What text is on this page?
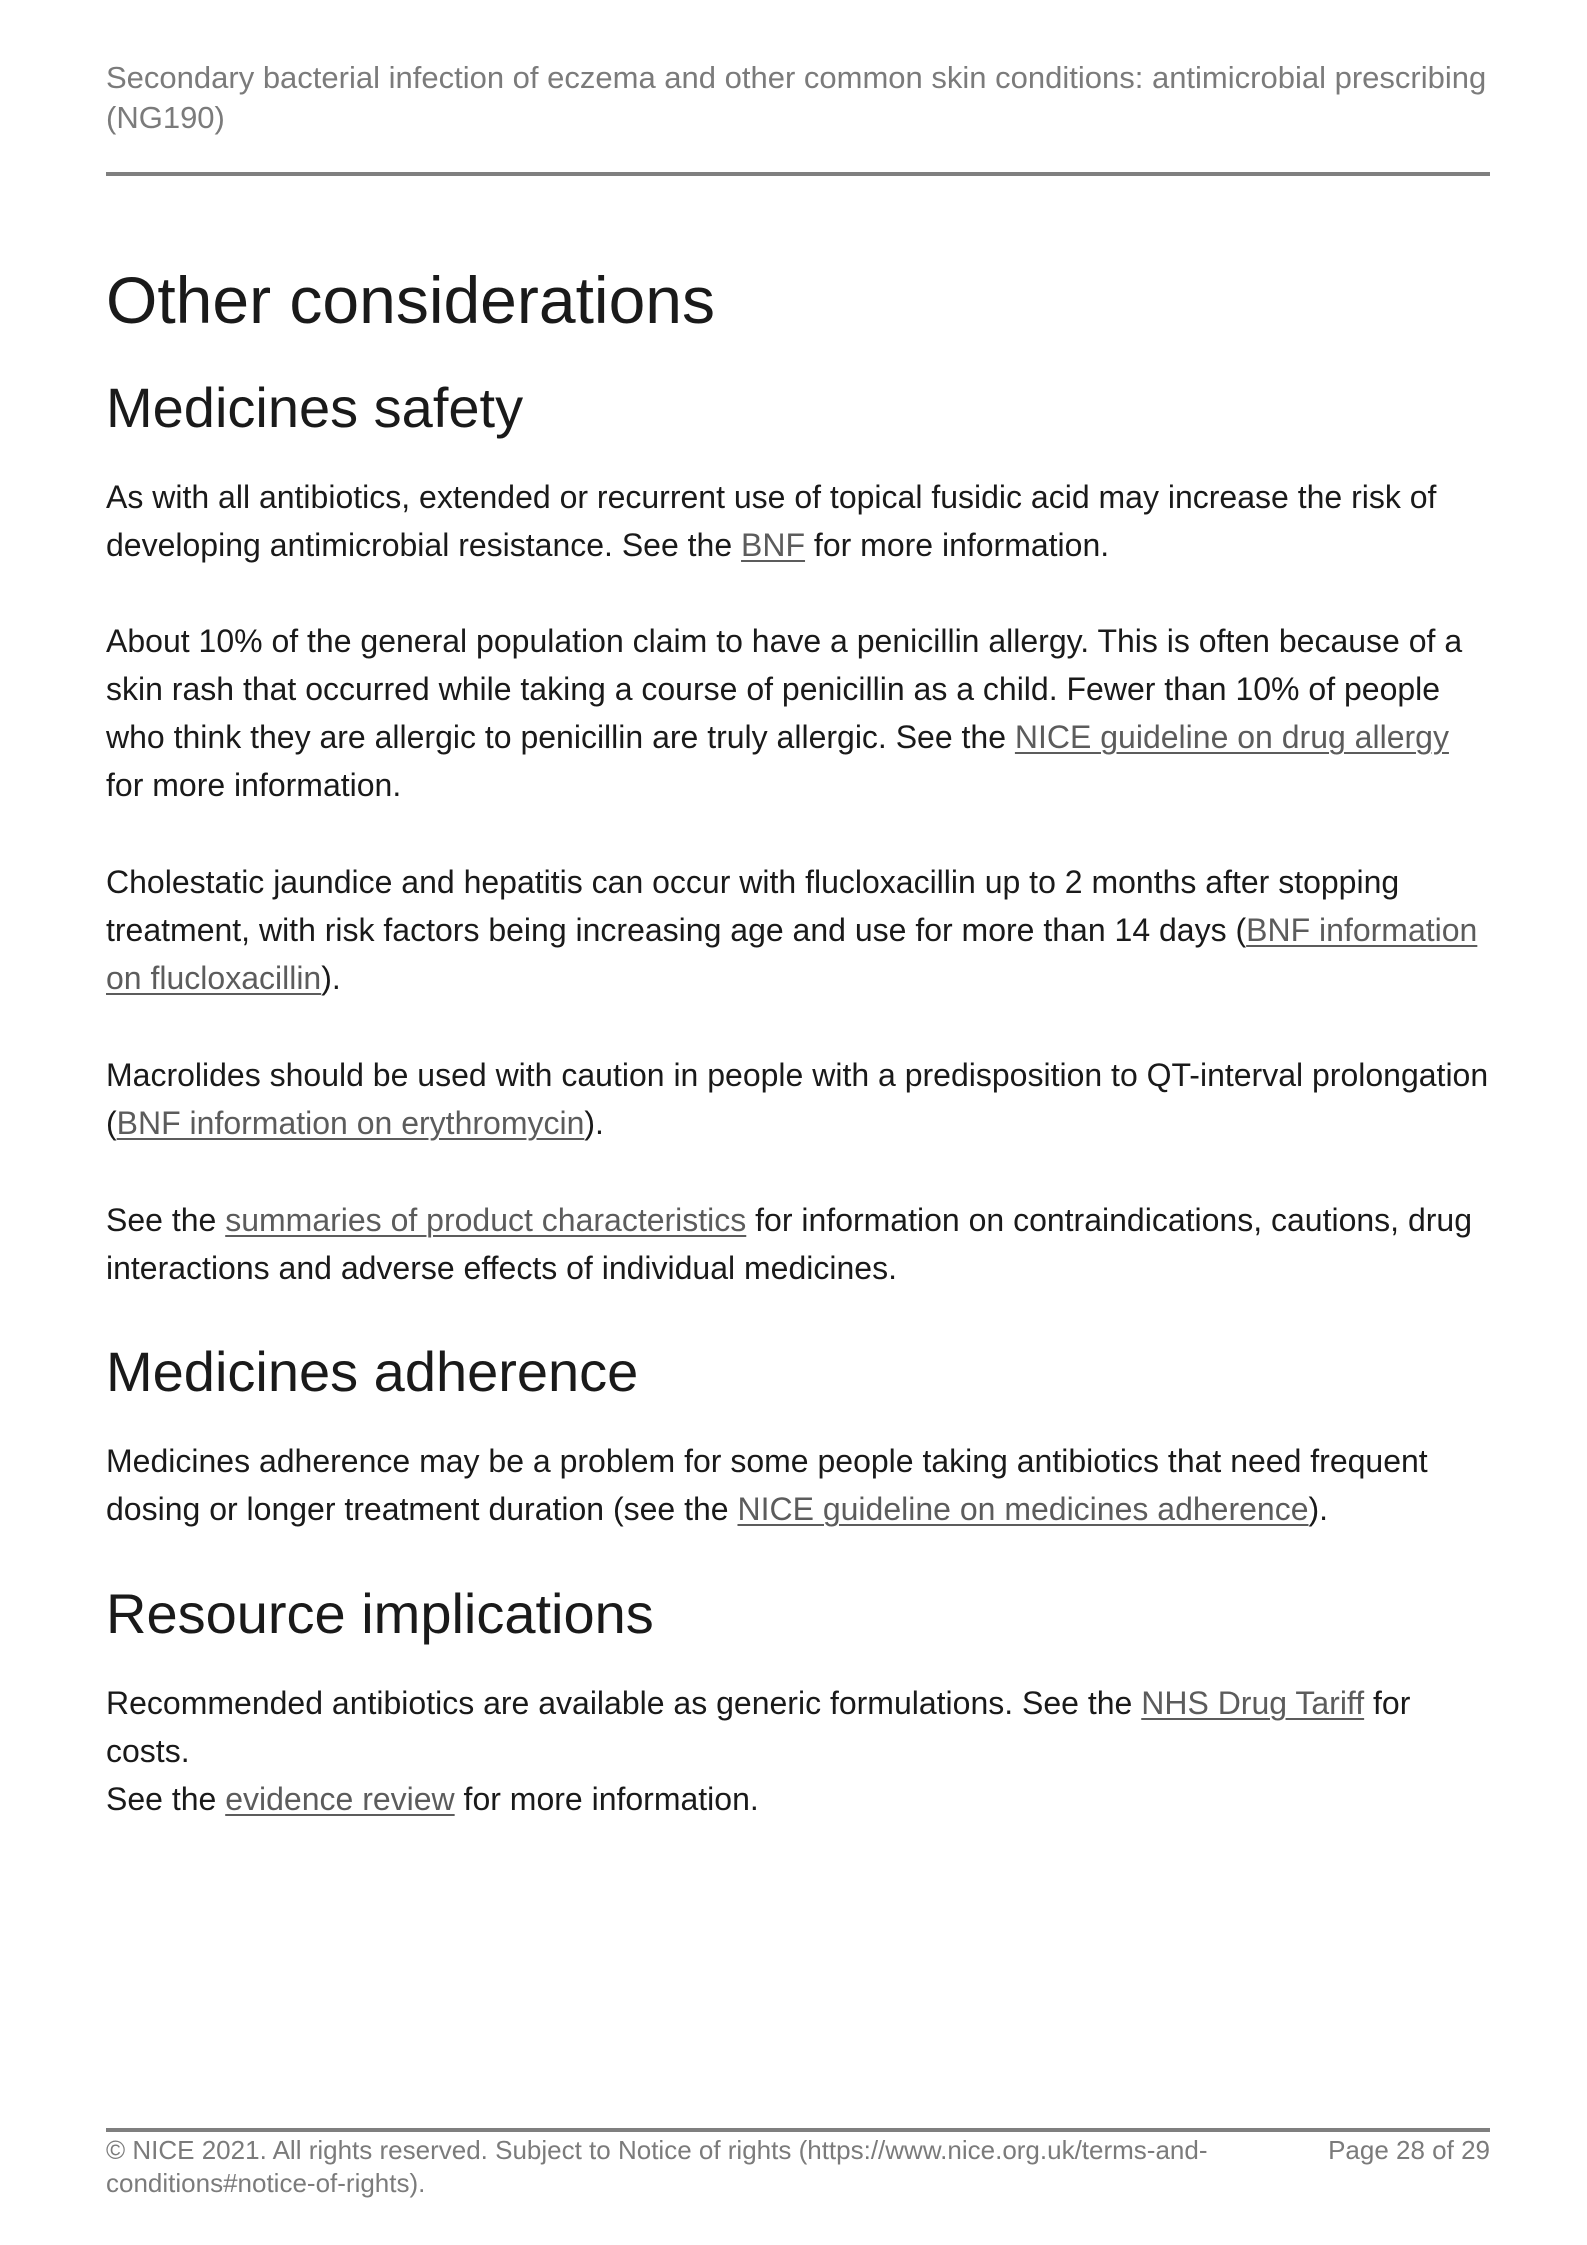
Secondary bacterial infection of eczema and other common skin conditions: antimicrobial prescribing (NG190)
Other considerations
Medicines safety

As with all antibiotics, extended or recurrent use of topical fusidic acid may increase the risk of developing antimicrobial resistance. See the BNF for more information.

About 10% of the general population claim to have a penicillin allergy. This is often because of a skin rash that occurred while taking a course of penicillin as a child. Fewer than 10% of people who think they are allergic to penicillin are truly allergic. See the NICE guideline on drug allergy for more information.

Cholestatic jaundice and hepatitis can occur with flucloxacillin up to 2 months after stopping treatment, with risk factors being increasing age and use for more than 14 days (BNF information on flucloxacillin).

Macrolides should be used with caution in people with a predisposition to QT-interval prolongation (BNF information on erythromycin).

See the summaries of product characteristics for information on contraindications, cautions, drug interactions and adverse effects of individual medicines.

Medicines adherence

Medicines adherence may be a problem for some people taking antibiotics that need frequent dosing or longer treatment duration (see the NICE guideline on medicines adherence).

Resource implications

Recommended antibiotics are available as generic formulations. See the NHS Drug Tariff for costs.

See the evidence review for more information.

© NICE 2021. All rights reserved. Subject to Notice of rights (https://www.nice.org.uk/terms-and-conditions#notice-of-rights).
Page 28 of 29
